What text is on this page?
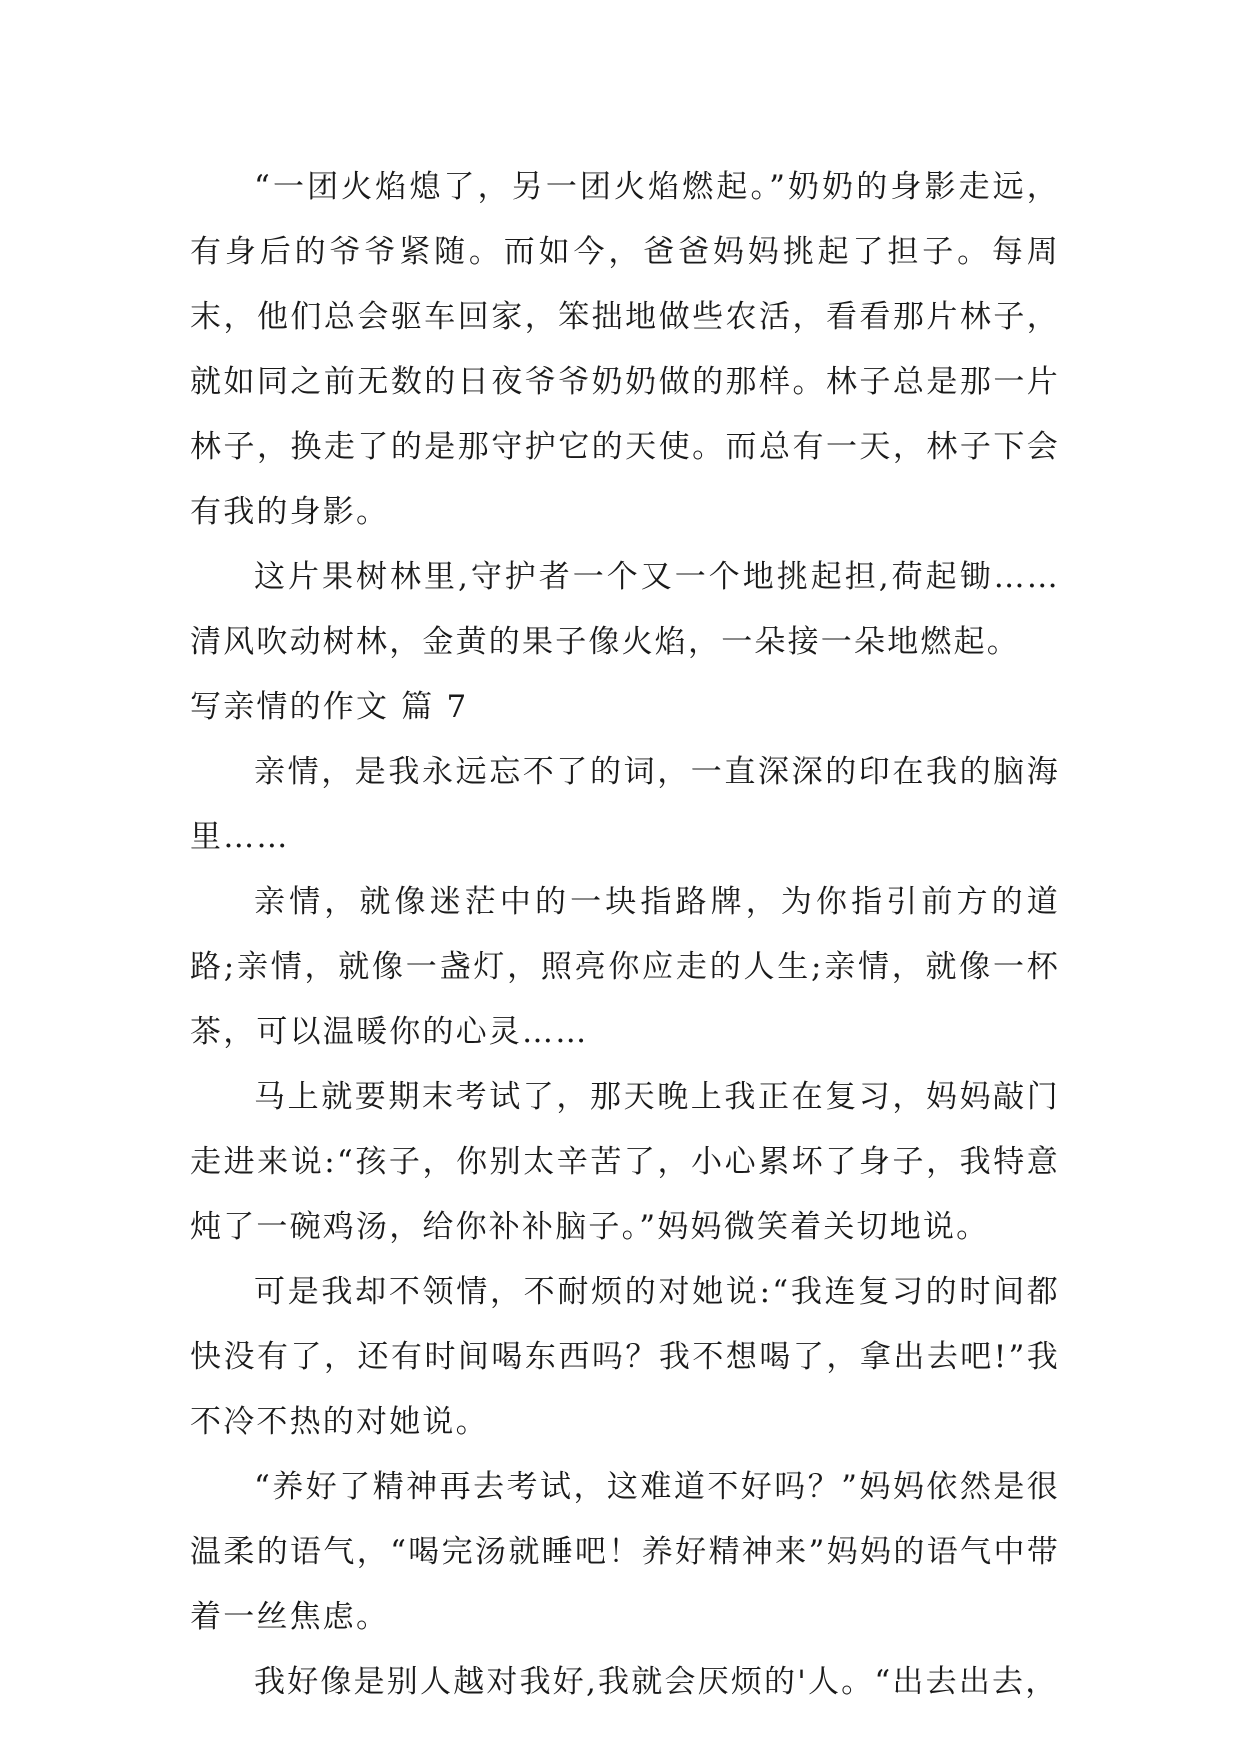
“一团火焰熄了，另一团火焰燃起。”奶奶的身影走远，有身后的爷爷紧随。而如今，爸爸妈妈挑起了担子。每周末，他们总会驱车回家，笨拙地做些农活，看看那片林子，就如同之前无数的日夜爷爷奶奶做的那样。林子总是那一片林子，换走了的是那守护它的天使。而总有一天，林子下会有我的身影。

这片果树林里,守护者一个又一个地挑起担,荷起锄……清风吹动树林，金黄的果子像火焰，一朵接一朵地燃起。

写亲情的作文 篇 7

亲情，是我永远忘不了的词，一直深深的印在我的脑海里……

亲情，就像迷茫中的一块指路牌，为你指引前方的道路;亲情，就像一盏灯，照亮你应走的人生;亲情，就像一杯茶，可以温暖你的心灵……

马上就要期末考试了，那天晚上我正在复习，妈妈敲门走进来说:“孩子，你别太辛苦了，小心累坏了身子，我特意炖了一碗鸡汤，给你补补脑子。”妈妈微笑着关切地说。

可是我却不领情，不耐烦的对她说:“我连复习的时间都快没有了，还有时间喝东西吗？我不想喝了，拿出去吧!”我不冷不热的对她说。

“养好了精神再去考试，这难道不好吗？”妈妈依然是很温柔的语气，“喝完汤就睡吧！养好精神来”妈妈的语气中带着一丝焦虑。

我好像是别人越对我好,我就会厌烦的'人。“出去出去，
